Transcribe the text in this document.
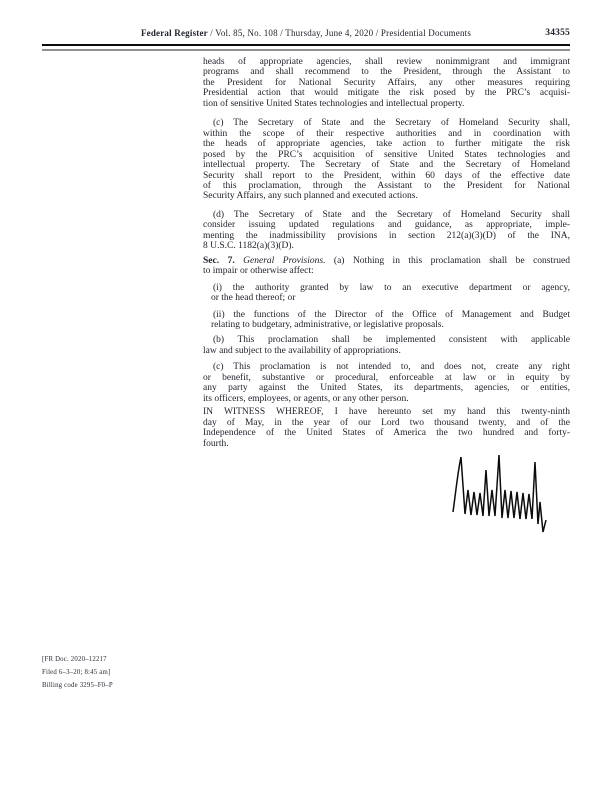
Federal Register / Vol. 85, No. 108 / Thursday, June 4, 2020 / Presidential Documents	34355
heads of appropriate agencies, shall review nonimmigrant and immigrant
programs and shall recommend to the President, through the Assistant to
the President for National Security Affairs, any other measures requiring
Presidential action that would mitigate the risk posed by the PRC’s acquisi-
tion of sensitive United States technologies and intellectual property.
(c) The Secretary of State and the Secretary of Homeland Security shall,
within the scope of their respective authorities and in coordination with
the heads of appropriate agencies, take action to further mitigate the risk
posed by the PRC’s acquisition of sensitive United States technologies and
intellectual property. The Secretary of State and the Secretary of Homeland
Security shall report to the President, within 60 days of the effective date
of this proclamation, through the Assistant to the President for National
Security Affairs, any such planned and executed actions.
(d) The Secretary of State and the Secretary of Homeland Security shall
consider issuing updated regulations and guidance, as appropriate, imple-
menting the inadmissibility provisions in section 212(a)(3)(D) of the INA,
8 U.S.C. 1182(a)(3)(D).
Sec. 7. General Provisions. (a) Nothing in this proclamation shall be construed
to impair or otherwise affect:
(i) the authority granted by law to an executive department or agency,
or the head thereof; or
(ii) the functions of the Director of the Office of Management and Budget
relating to budgetary, administrative, or legislative proposals.
(b) This proclamation shall be implemented consistent with applicable
law and subject to the availability of appropriations.
(c) This proclamation is not intended to, and does not, create any right
or benefit, substantive or procedural, enforceable at law or in equity by
any party against the United States, its departments, agencies, or entities,
its officers, employees, or agents, or any other person.
IN WITNESS WHEREOF, I have hereunto set my hand this twenty-ninth
day of May, in the year of our Lord two thousand twenty, and of the
Independence of the United States of America the two hundred and forty-
fourth.
[FR Doc. 2020–12217
Filed 6–3–20; 8:45 am]
Billing code 3295–F0–P
